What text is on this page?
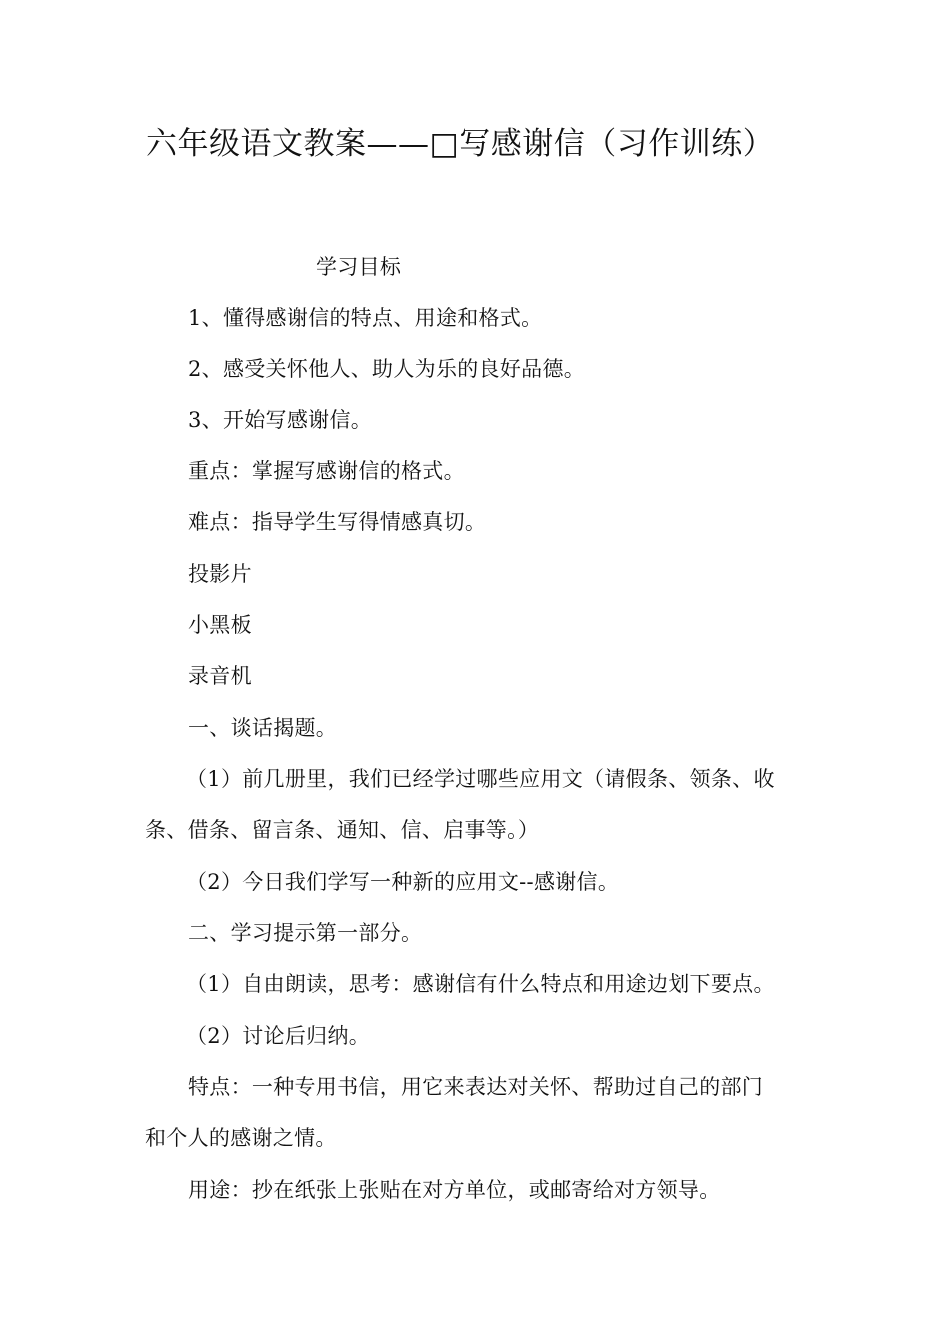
六年级语文教案——□写感谢信（习作训练）
学习目标
1、懂得感谢信的特点、用途和格式。
2、感受关怀他人、助人为乐的良好品德。
3、开始写感谢信。
重点：掌握写感谢信的格式。
难点：指导学生写得情感真切。
投影片
小黑板
录音机
一、谈话揭题。
（1）前几册里，我们已经学过哪些应用文（请假条、领条、收
条、借条、留言条、通知、信、启事等。）
（2）今日我们学写一种新的应用文--感谢信。
二、学习提示第一部分。
（1）自由朗读，思考：感谢信有什么特点和用途边划下要点。
（2）讨论后归纳。
特点：一种专用书信，用它来表达对关怀、帮助过自己的部门
和个人的感谢之情。
用途：抄在纸张上张贴在对方单位，或邮寄给对方领导。
